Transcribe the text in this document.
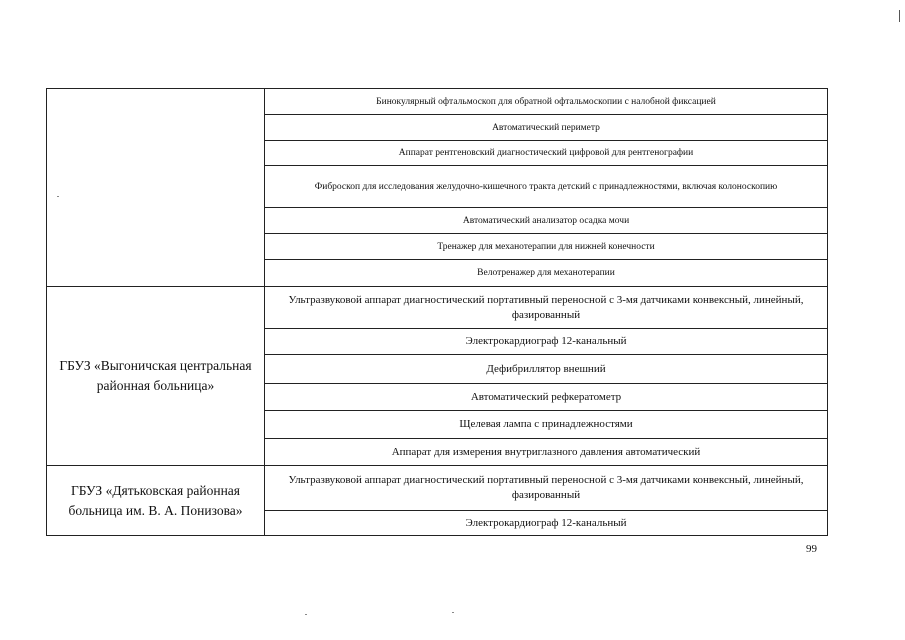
	Бинокулярный офтальмоскоп для обратной офтальмоскопии с налобной фиксацией
	Автоматический периметр
	Аппарат рентгеновский диагностический цифровой для рентгенографии
	Фиброскоп для исследования желудочно-кишечного тракта детский с принадлежностями, включая колоноскопию
	Автоматический анализатор осадка мочи
	Тренажер для механотерапии для нижней конечности
	Велотренажер для механотерапии
ГБУЗ «Выгоничская центральная районная больница»	Ультразвуковой аппарат диагностический портативный переносной с 3-мя датчиками конвексный, линейный, фазированный
	Электрокардиограф 12-канальный
	Дефибриллятор внешний
	Автоматический рефкератометр
	Щелевая лампа с принадлежностями
	Аппарат для измерения внутриглазного давления автоматический
ГБУЗ «Дятьковская районная больница им. В. А. Понизова»	Ультразвуковой аппарат диагностический портативный переносной с 3-мя датчиками конвексный, линейный, фазированный
	Электрокардиограф 12-канальный
99
